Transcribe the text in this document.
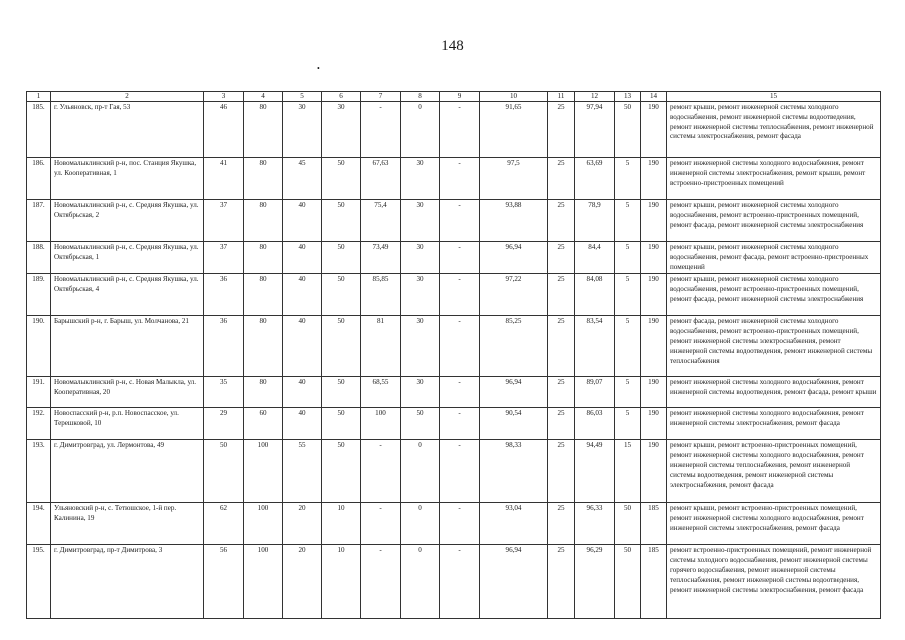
148
•
1	2	3	4	5	6	7	8	9	10	11	12	13	14	15
185.	г. Ульяновск, пр-т Гая, 53	46	80	30	30	-	0	-	91,65	25	97,94	50	190	ремонт крыши, ремонт инженерной системы холодного водоснабжения, ремонт инженерной системы водоотведения, ремонт инженерной системы теплоснабжения, ремонт инженерной системы электроснабжения, ремонт фасада
186.	Новомалыклинский р-н, пос. Станция Якушка, ул. Кооперативная, 1	41	80	45	50	67,63	30	-	97,5	25	63,69	5	190	ремонт инженерной системы холодного водоснабжения, ремонт инженерной системы электроснабжения, ремонт крыши, ремонт встроенно-пристроенных помещений
187.	Новомалыклинский р-н, с. Средняя Якушка, ул. Октябрьская, 2	37	80	40	50	75,4	30	-	93,88	25	78,9	5	190	ремонт крыши, ремонт инженерной системы холодного водоснабжения, ремонт встроенно-пристроенных помещений, ремонт фасада, ремонт инженерной системы электроснабжения
188.	Новомалыклинский р-н, с. Средняя Якушка, ул. Октябрьская, 1	37	80	40	50	73,49	30	-	96,94	25	84,4	5	190	ремонт крыши, ремонт инженерной системы холодного водоснабжения, ремонт фасада, ремонт встроенно-пристроенных помещений
189.	Новомалыклинский р-н, с. Средняя Якушка, ул. Октябрьская, 4	36	80	40	50	85,85	30	-	97,22	25	84,08	5	190	ремонт крыши, ремонт инженерной системы холодного водоснабжения, ремонт встроенно-пристроенных помещений, ремонт фасада, ремонт инженерной системы электроснабжения
190.	Барышский р-н, г. Барыш, ул. Молчанова, 21	36	80	40	50	81	30	-	85,25	25	83,54	5	190	ремонт фасада, ремонт инженерной системы холодного водоснабжения, ремонт встроенно-пристроенных помещений, ремонт инженерной системы электроснабжения, ремонт инженерной системы водоотведения, ремонт инженерной системы теплоснабжения
191.	Новомалыклинский р-н, с. Новая Малыкла, ул. Кооперативная, 20	35	80	40	50	68,55	30	-	96,94	25	89,07	5	190	ремонт инженерной системы холодного водоснабжения, ремонт инженерной системы водоотведения, ремонт фасада, ремонт крыши
192.	Новоспасский р-н, р.п. Новоспасское, ул. Терешковой, 10	29	60	40	50	100	50	-	90,54	25	86,03	5	190	ремонт инженерной системы холодного водоснабжения, ремонт инженерной системы электроснабжения, ремонт фасада
193.	г. Димитровград, ул. Лермонтова, 49	50	100	55	50	-	0	-	98,33	25	94,49	15	190	ремонт крыши, ремонт встроенно-пристроенных помещений, ремонт инженерной системы холодного водоснабжения, ремонт инженерной системы теплоснабжения, ремонт инженерной системы водоотведения, ремонт инженерной системы электроснабжения, ремонт фасада
194.	Ульяновский р-н, с. Тетюшское, 1-й пер. Калинина, 19	62	100	20	10	-	0	-	93,04	25	96,33	50	185	ремонт крыши, ремонт встроенно-пристроенных помещений, ремонт инженерной системы холодного водоснабжения, ремонт инженерной системы электроснабжения, ремонт фасада
195.	г. Димитровград, пр-т Димитрова, 3	56	100	20	10	-	0	-	96,94	25	96,29	50	185	ремонт встроенно-пристроенных помещений, ремонт инженерной системы холодного водоснабжения, ремонт инженерной системы горячего водоснабжения, ремонт инженерной системы теплоснабжения, ремонт инженерной системы водоотведения, ремонт инженерной системы электроснабжения, ремонт фасада
